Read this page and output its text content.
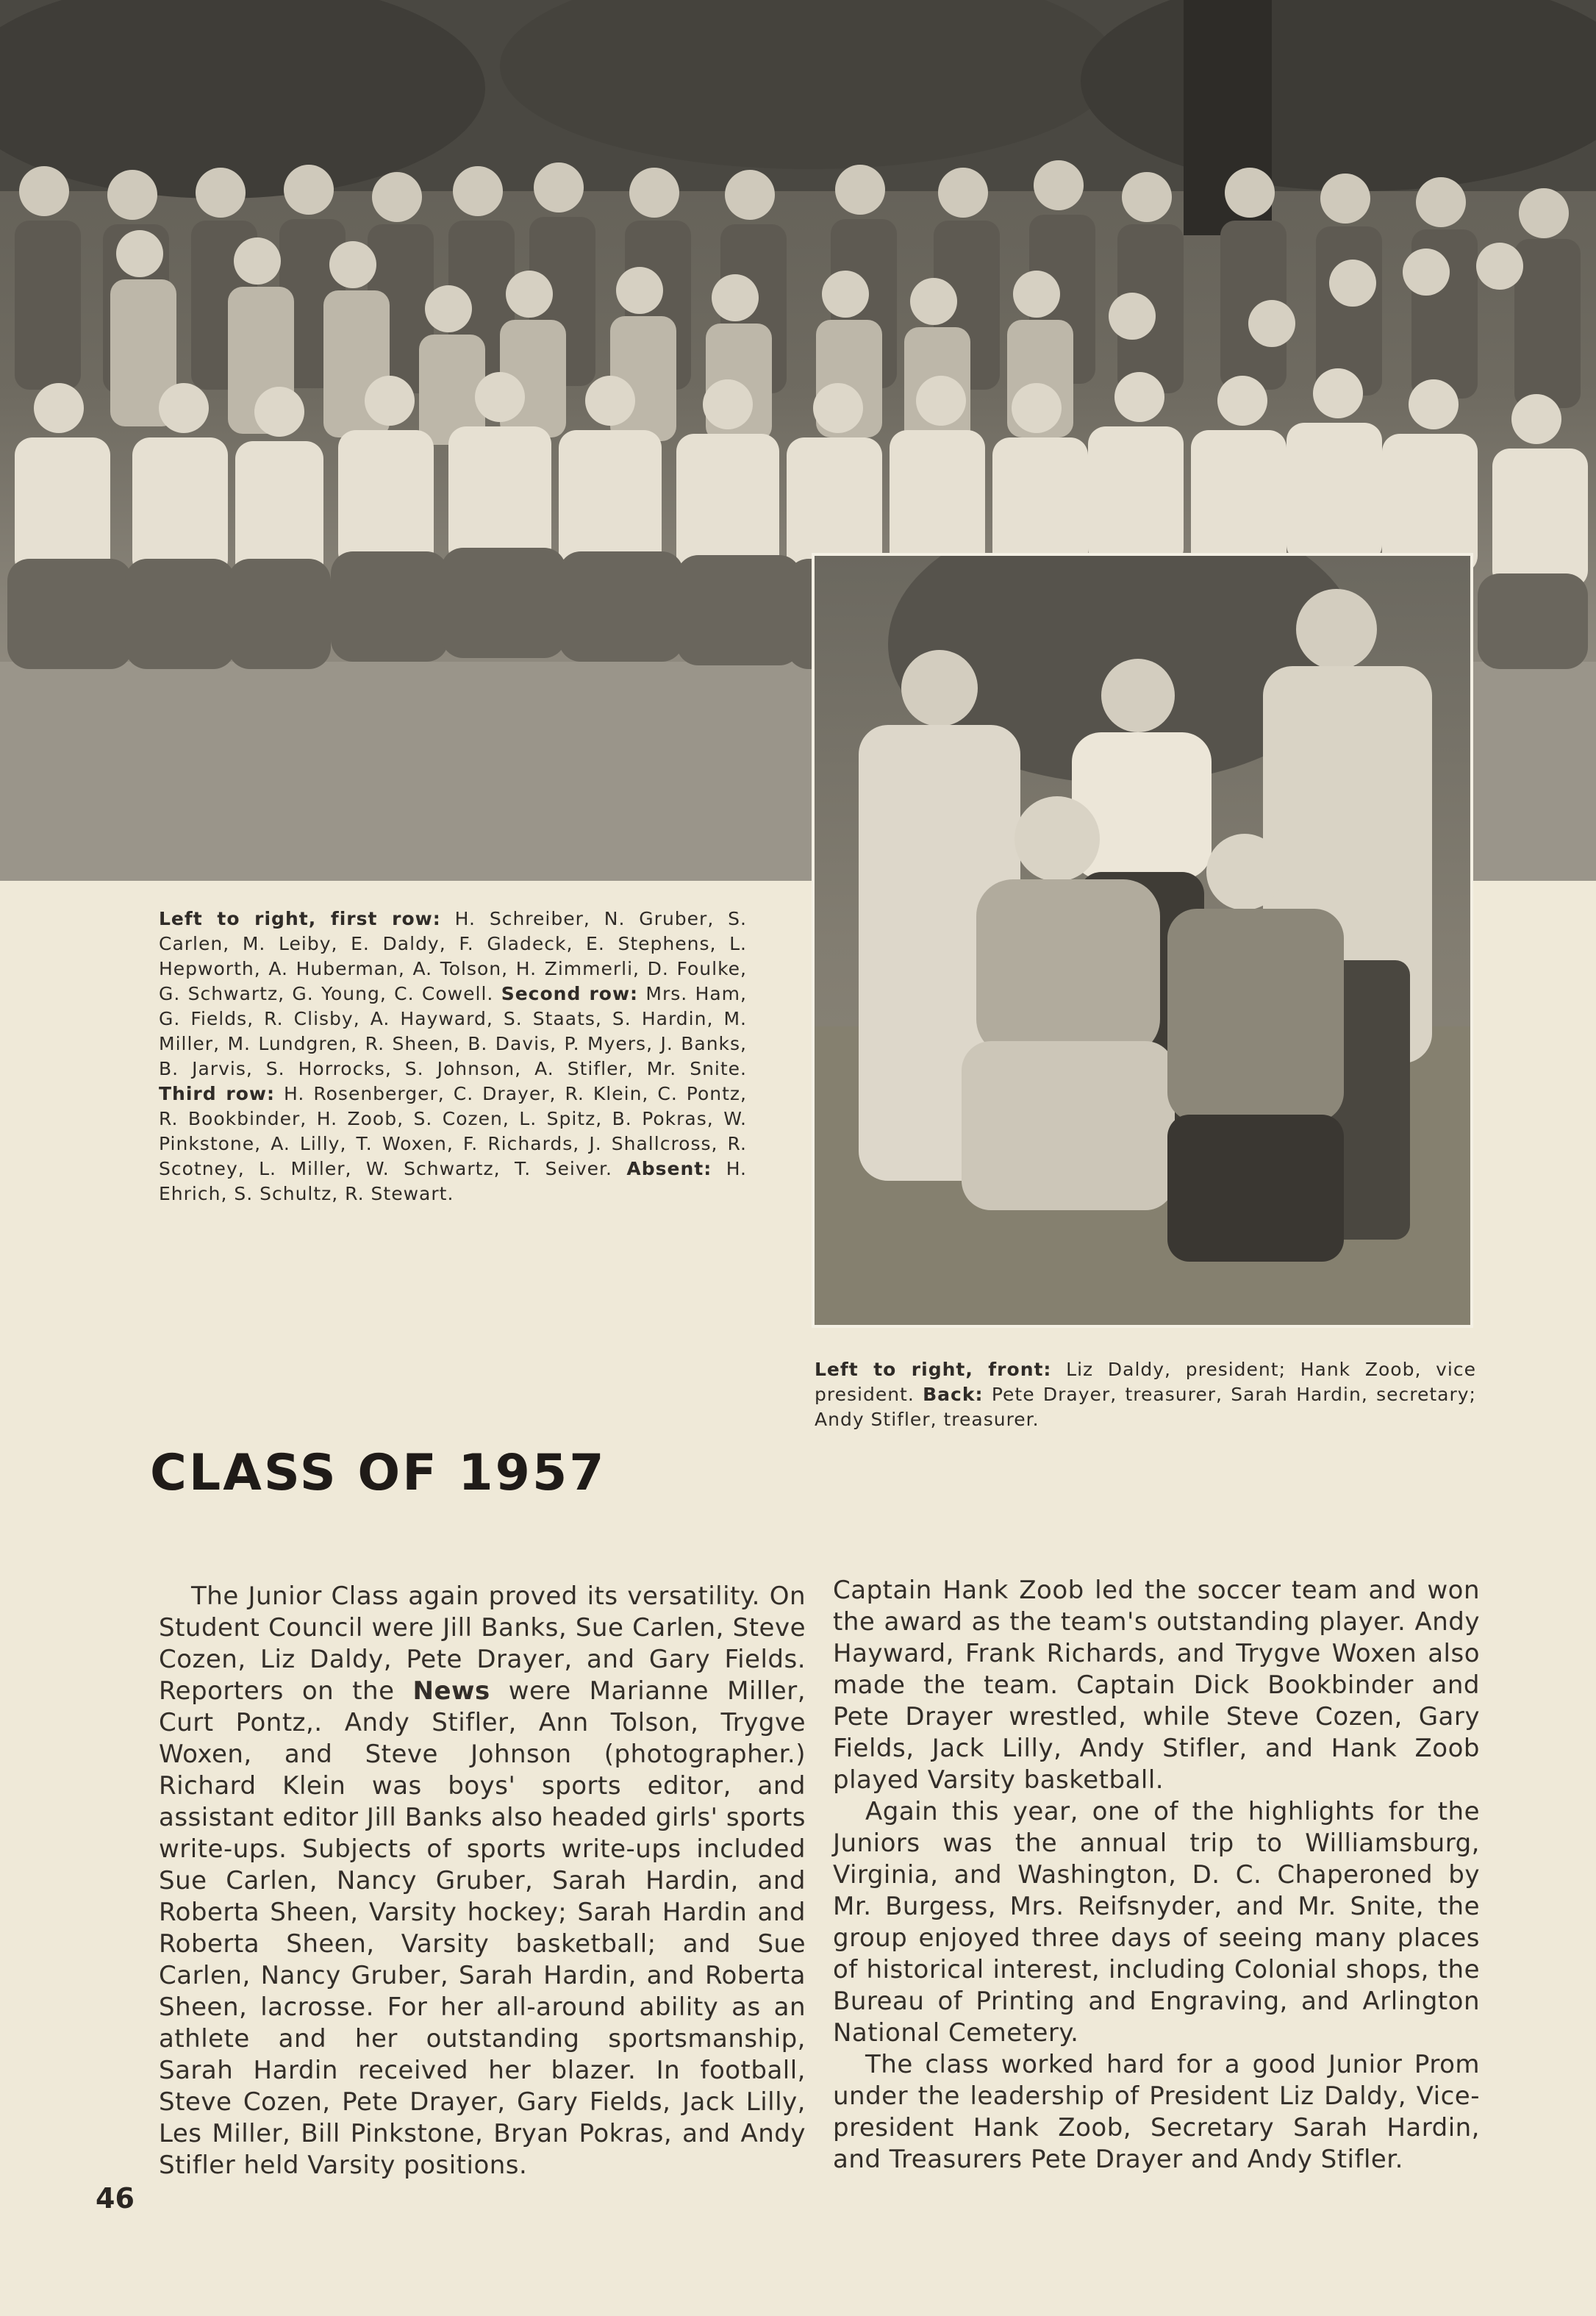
Left to right, first row: H. Schreiber, N. Gruber, S. Carlen, M. Leiby, E. Daldy, F. Gladeck, E. Stephens, L. Hepworth, A. Huberman, A. Tolson, H. Zimmerli, D. Foulke, G. Schwartz, G. Young, C. Cowell. Second row: Mrs. Ham, G. Fields, R. Clisby, A. Hayward, S. Staats, S. Hardin, M. Miller, M. Lundgren, R. Sheen, B. Davis, P. Myers, J. Banks, B. Jarvis, S. Horrocks, S. Johnson, A. Stifler, Mr. Snite. Third row: H. Rosenberger, C. Drayer, R. Klein, C. Pontz, R. Bookbinder, H. Zoob, S. Cozen, L. Spitz, B. Pokras, W. Pinkstone, A. Lilly, T. Woxen, F. Richards, J. Shallcross, R. Scotney, L. Miller, W. Schwartz, T. Seiver. Absent: H. Ehrich, S. Schultz, R. Stewart.

Left to right, front: Liz Daldy, president; Hank Zoob, vice president. Back: Pete Drayer, treasurer, Sarah Hardin, secretary; Andy Stifler, treasurer.

CLASS OF 1957

The Junior Class again proved its versatility. On Student Council were Jill Banks, Sue Carlen, Steve Cozen, Liz Daldy, Pete Drayer, and Gary Fields. Reporters on the News were Marianne Miller, Curt Pontz,. Andy Stifler, Ann Tolson, Trygve Woxen, and Steve Johnson (photographer.) Richard Klein was boys' sports editor, and assistant editor Jill Banks also headed girls' sports write-ups. Subjects of sports write-ups included Sue Carlen, Nancy Gruber, Sarah Hardin, and Roberta Sheen, Varsity hockey; Sarah Hardin and Roberta Sheen, Varsity basketball; and Sue Carlen, Nancy Gruber, Sarah Hardin, and Roberta Sheen, lacrosse. For her all-around ability as an athlete and her outstanding sportsmanship, Sarah Hardin received her blazer. In football, Steve Cozen, Pete Drayer, Gary Fields, Jack Lilly, Les Miller, Bill Pinkstone, Bryan Pokras, and Andy Stifler held Varsity positions.

Captain Hank Zoob led the soccer team and won the award as the team's outstanding player. Andy Hayward, Frank Richards, and Trygve Woxen also made the team. Captain Dick Bookbinder and Pete Drayer wrestled, while Steve Cozen, Gary Fields, Jack Lilly, Andy Stifler, and Hank Zoob played Varsity basketball.

Again this year, one of the highlights for the Juniors was the annual trip to Williamsburg, Virginia, and Washington, D. C. Chaperoned by Mr. Burgess, Mrs. Reifsnyder, and Mr. Snite, the group enjoyed three days of seeing many places of historical interest, including Colonial shops, the Bureau of Printing and Engraving, and Arlington National Cemetery.

The class worked hard for a good Junior Prom under the leadership of President Liz Daldy, Vice-president Hank Zoob, Secretary Sarah Hardin, and Treasurers Pete Drayer and Andy Stifler.

46
